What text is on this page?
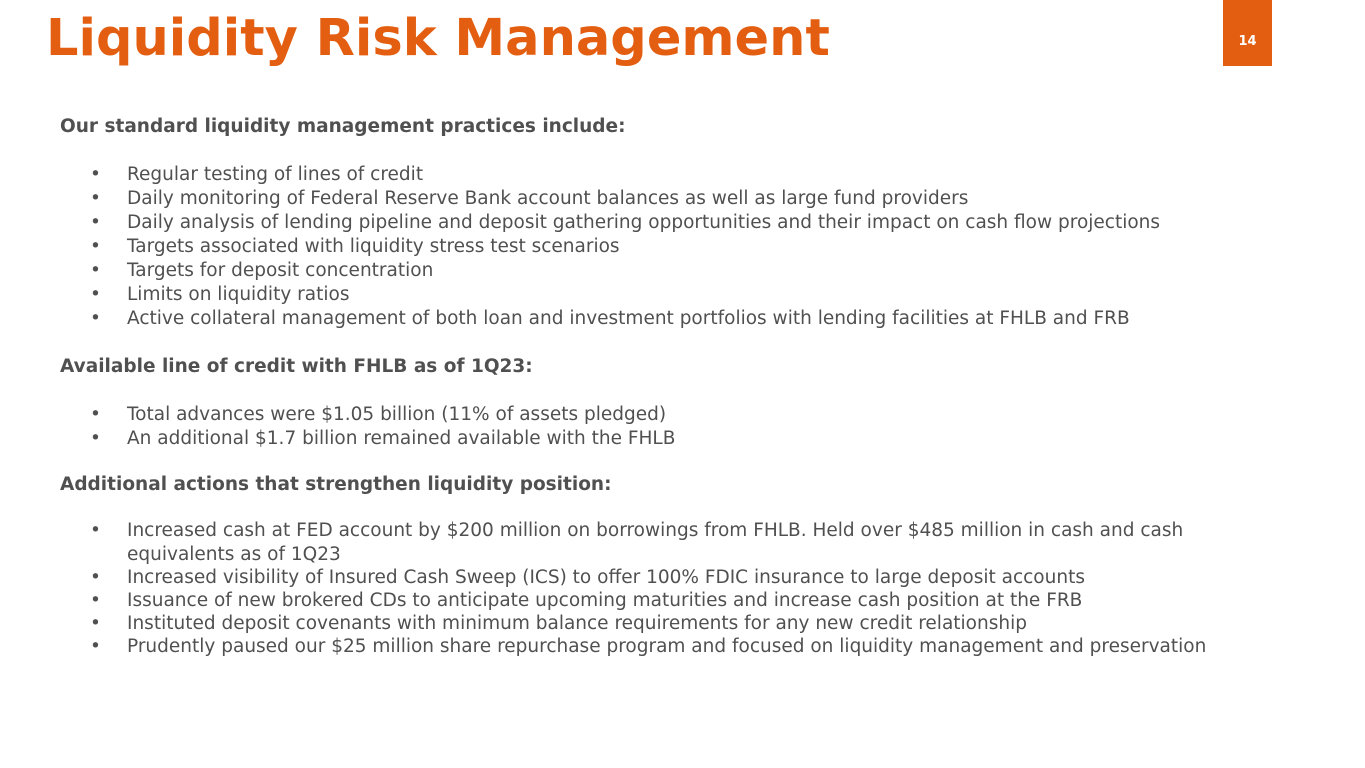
Liquidity Risk Management	14
Our standard liquidity management practices include:
• Regular testing of lines of credit
• Daily monitoring of Federal Reserve Bank account balances as well as large fund providers
• Daily analysis of lending pipeline and deposit gathering opportunities and their impact on cash flow projections
• Targets associated with liquidity stress test scenarios
• Targets for deposit concentration
• Limits on liquidity ratios
• Active collateral management of both loan and investment portfolios with lending facilities at FHLB and FRB
Available line of credit with FHLB as of 1Q23:
• Total advances were $1.05 billion (11% of assets pledged)
• An additional $1.7 billion remained available with the FHLB
Additional actions that strengthen liquidity position:
• Increased cash at FED account by $200 million on borrowings from FHLB. Held over $485 million in cash and cash equivalents as of 1Q23
• Increased visibility of Insured Cash Sweep (ICS) to offer 100% FDIC insurance to large deposit accounts
• Issuance of new brokered CDs to anticipate upcoming maturities and increase cash position at the FRB
• Instituted deposit covenants with minimum balance requirements for any new credit relationship
• Prudently paused our $25 million share repurchase program and focused on liquidity management and preservation
